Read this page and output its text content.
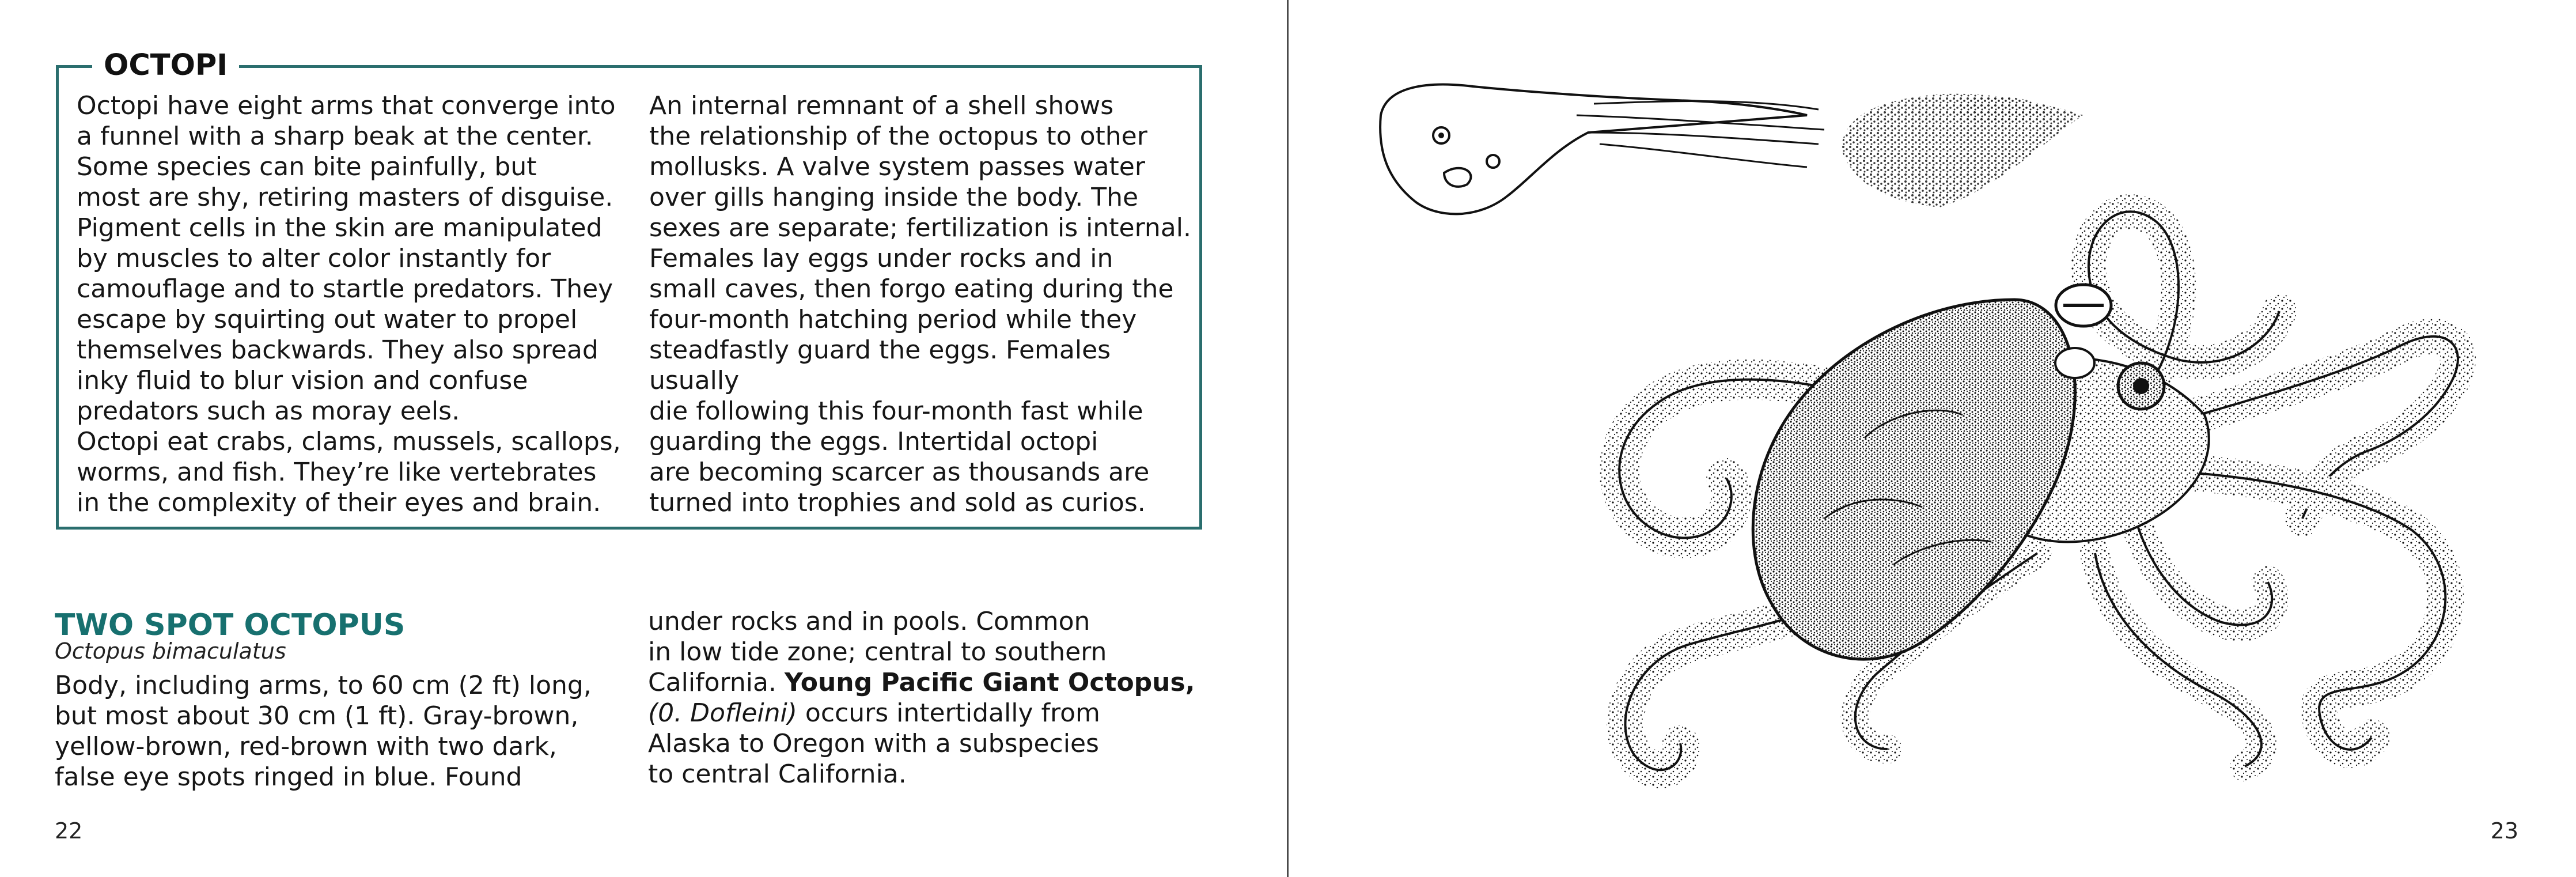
OCTOPI

Octopi have eight arms that converge into

a funnel with a sharp beak at the center.

Some species can bite painfully, but

most are shy, retiring masters of disguise.

Pigment cells in the skin are manipulated

by muscles to alter color instantly for

camouflage and to startle predators. They

escape by squirting out water to propel

themselves backwards. They also spread

inky fluid to blur vision and confuse

predators such as moray eels.

Octopi eat crabs, clams, mussels, scallops,

worms, and fish. They’re like vertebrates

in the complexity of their eyes and brain.

An internal remnant of a shell shows

the relationship of the octopus to other

mollusks. A valve system passes water

over gills hanging inside the body. The

sexes are separate; fertilization is internal.

Females lay eggs under rocks and in

small caves, then forgo eating during the

four-month hatching period while they

steadfastly guard the eggs. Females usually

die following this four-month fast while

guarding the eggs. Intertidal octopi

are becoming scarcer as thousands are

turned into trophies and sold as curios.

TWO SPOT OCTOPUS
Octopus bimaculatus

Body, including arms, to 60 cm (2 ft) long,

but most about 30 cm (1 ft). Gray-brown,

yellow-brown, red-brown with two dark,

false eye spots ringed in blue. Found

under rocks and in pools. Common

in low tide zone; central to southern

California. Young Pacific Giant Octopus,

(0. Dofleini) occurs intertidally from

Alaska to Oregon with a subspecies

to central California.

22	23
